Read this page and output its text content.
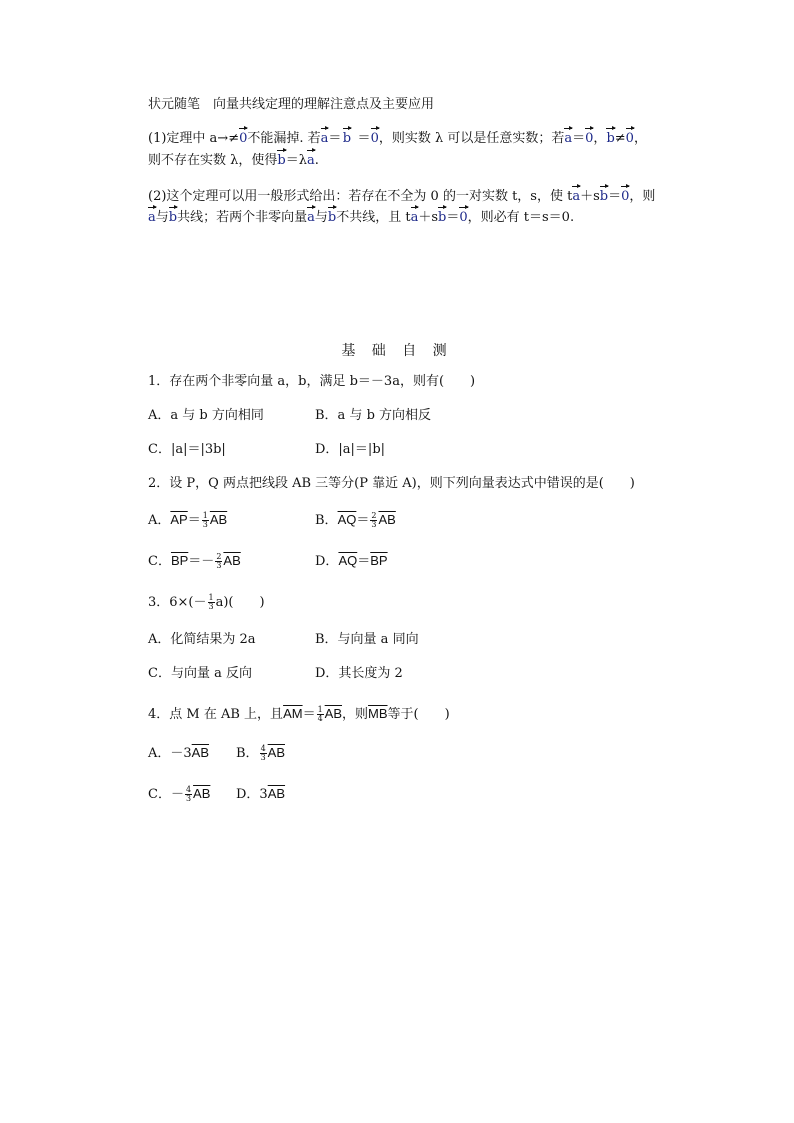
状元随笔　向量共线定理的理解注意点及主要应用
(1)定理中 a→≠0不能漏掉. 若a＝ b  ＝0，则实数 λ 可以是任意实数；若a＝0，b≠0，
则不存在实数 λ，使得b＝λa.
(2)这个定理可以用一般形式给出：若存在不全为 0 的一对实数 t，s，使 ta＋sb＝0，则
a与b共线；若两个非零向量a与b不共线，且 ta＋sb＝0，则必有 t＝s＝0.
基 础 自 测
1．存在两个非零向量 a，b，满足 b＝－3a，则有(　　)
A．a 与 b 方向相同	B．a 与 b 方向相反
C．|a|＝|3b|	D．|a|＝|b|
2．设 P，Q 两点把线段 AB 三等分(P 靠近 A)，则下列向量表达式中错误的是(　　)
A．$\overline{AP}= \frac{1}{3} \overline{AB}$	B．$\overline{AQ}= \frac{2}{3} \overline{AB}$
C．$\overline{BP}=- \frac{2}{3} \overline{AB}$	D．$\overline{AQ}=\overline{BP}$
3．$6\times(- \frac{1}{3} a)$(　　)
A．化简结果为 2a	B．与向量 a 同向
C．与向量 a 反向	D．其长度为 2
4．点 M 在 AB 上，且$\overline{AM}= \frac{1}{4} \overline{AB}$，则$\overline{MB}$等于(　　)
A．$-3\overline{AB}$ B． $\frac{4}{3} \overline{AB}$
C．－ $\frac{4}{3} \overline{AB}$ D．$3\overline{AB}$
